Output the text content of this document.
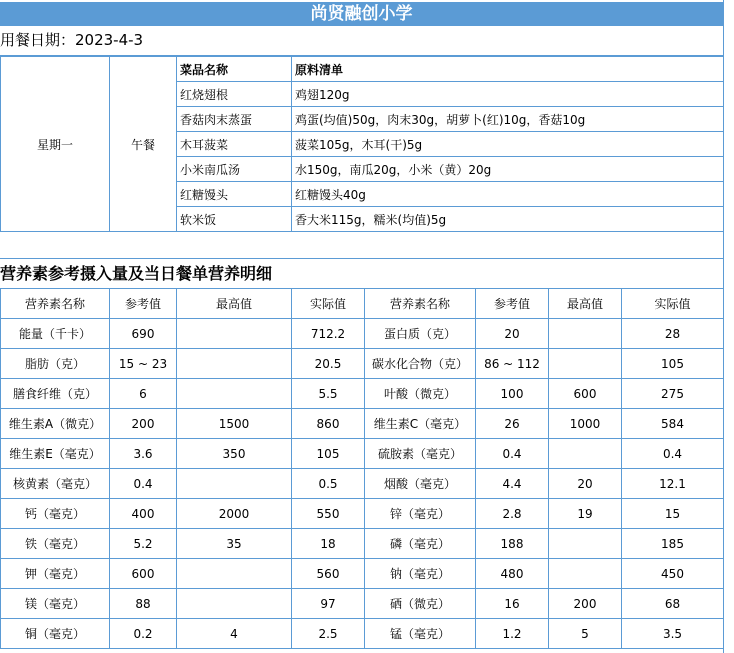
尚贤融创小学
用餐日期：2023-4-3
星期一	午餐	菜品名称	原料清单
		红烧翅根	鸡翅120g
		香菇肉末蒸蛋	鸡蛋(均值)50g，肉末30g，胡萝卜(红)10g，香菇10g
		木耳菠菜	菠菜105g，木耳(干)5g
		小米南瓜汤	水150g，南瓜20g，小米（黄）20g
		红糖馒头	红糖馒头40g
		软米饭	香大米115g，糯米(均值)5g
营养素参考摄入量及当日餐单营养明细
营养素名称	参考值	最高值	实际值	营养素名称	参考值	最高值	实际值
能量（千卡）	690		712.2	蛋白质（克）	20		28
脂肪（克）	15 ~ 23		20.5	碳水化合物（克）	86 ~ 112		105
膳食纤维（克）	6		5.5	叶酸（微克）	100	600	275
维生素A（微克）	200	1500	860	维生素C（毫克）	26	1000	584
维生素E（毫克）	3.6	350	105	硫胺素（毫克）	0.4		0.4
核黄素（毫克）	0.4		0.5	烟酸（毫克）	4.4	20	12.1
钙（毫克）	400	2000	550	锌（毫克）	2.8	19	15
铁（毫克）	5.2	35	18	磷（毫克）	188		185
钾（毫克）	600		560	钠（毫克）	480		450
镁（毫克）	88		97	硒（微克）	16	200	68
铜（毫克）	0.2	4	2.5	锰（毫克）	1.2	5	3.5
